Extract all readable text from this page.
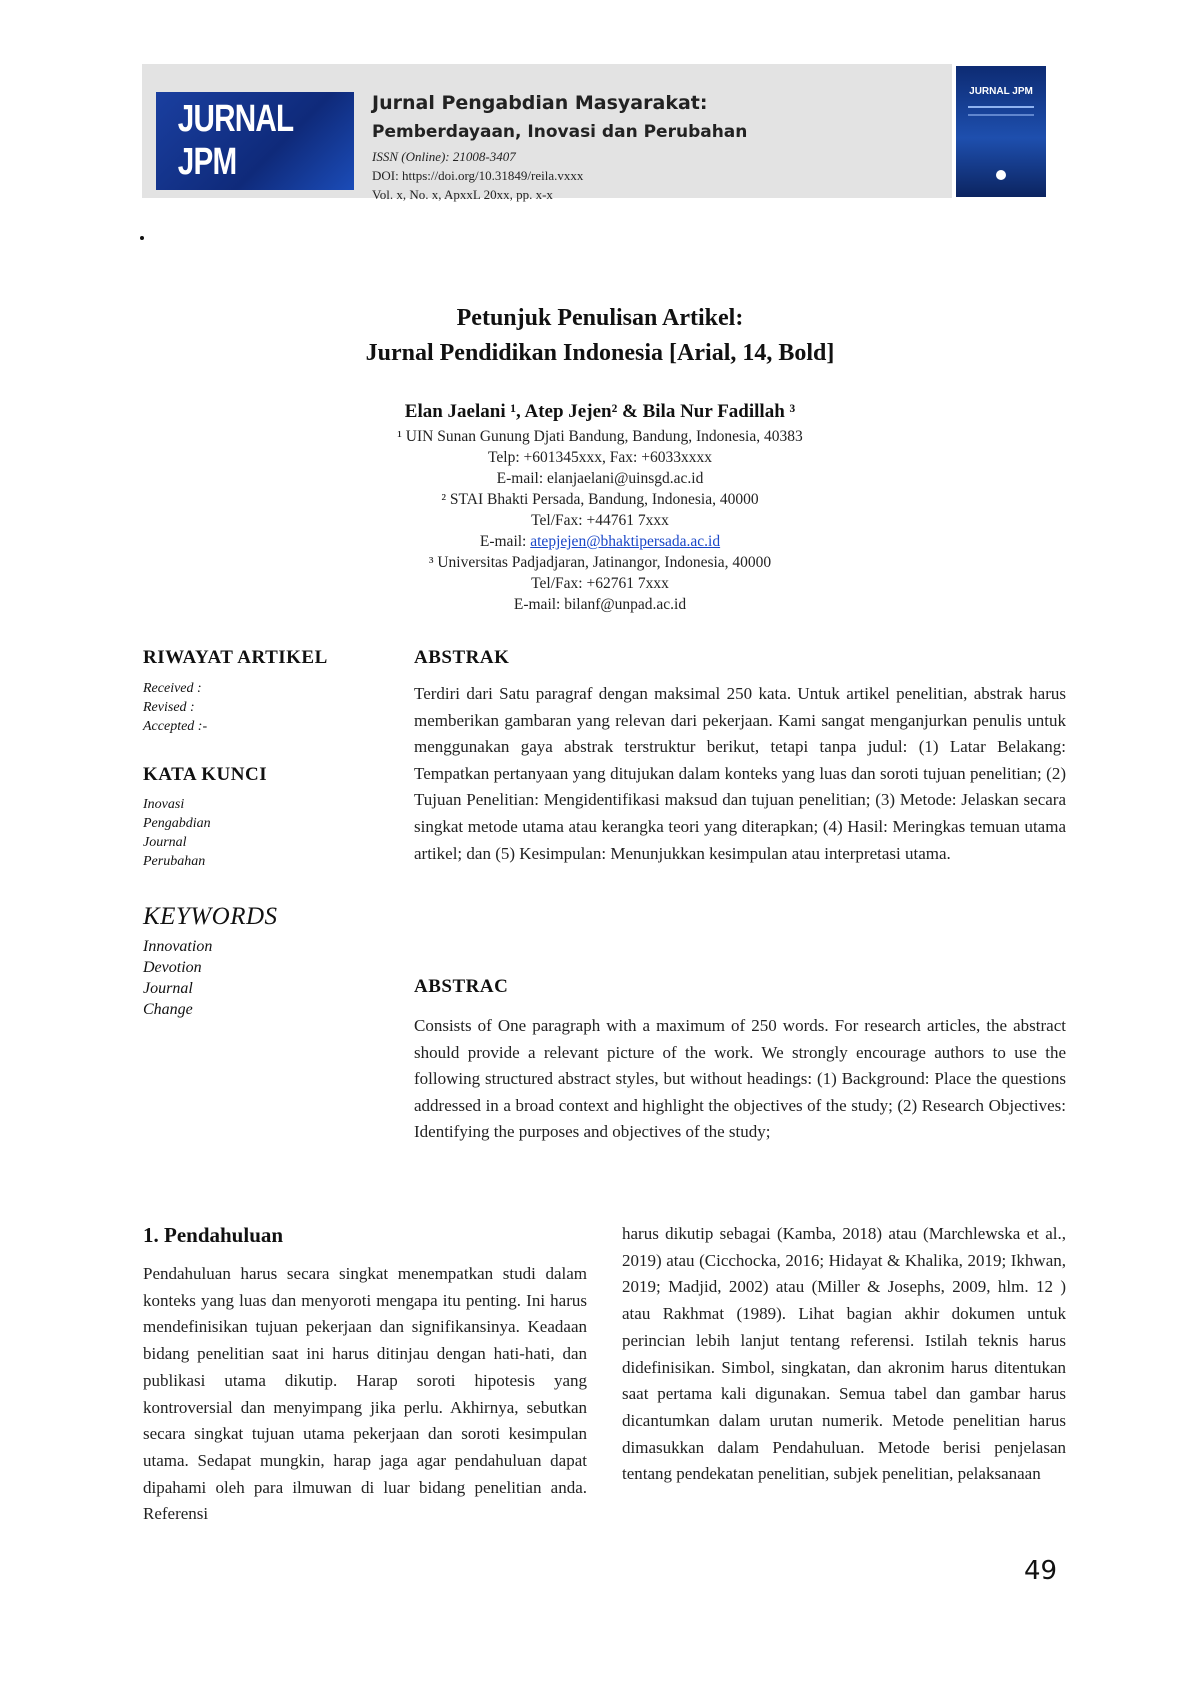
JURNAL JPM
Jurnal Pengabdian Masyarakat:
Pemberdayaan, Inovasi dan Perubahan
ISSN (Online): 21008-3407
DOI: https://doi.org/10.31849/reila.vxxx
Vol. x, No. x, ApxxL 20xx, pp. x-x
JURNAL JPM
Petunjuk Penulisan Artikel:
Jurnal Pendidikan Indonesia [Arial, 14, Bold]
Elan Jaelani ¹, Atep Jejen² & Bila Nur Fadillah ³
¹ UIN Sunan Gunung Djati Bandung, Bandung, Indonesia, 40383
Telp: +601345xxx, Fax: +6033xxxx
E-mail: elanjaelani@uinsgd.ac.id
² STAI Bhakti Persada, Bandung, Indonesia, 40000
Tel/Fax: +44761 7xxx
E-mail: atepjejen@bhaktipersada.ac.id
³ Universitas Padjadjaran, Jatinangor, Indonesia, 40000
Tel/Fax: +62761 7xxx
E-mail: bilanf@unpad.ac.id
RIWAYAT ARTIKEL
Received :
Revised :
Accepted :-
KATA KUNCI
Inovasi
Pengabdian
Journal
Perubahan
KEYWORDS
Innovation
Devotion
Journal
Change
ABSTRAK
Terdiri dari Satu paragraf dengan maksimal 250 kata. Untuk artikel penelitian, abstrak harus memberikan gambaran yang relevan dari pekerjaan. Kami sangat menganjurkan penulis untuk menggunakan gaya abstrak terstruktur berikut, tetapi tanpa judul: (1) Latar Belakang: Tempatkan pertanyaan yang ditujukan dalam konteks yang luas dan soroti tujuan penelitian; (2) Tujuan Penelitian: Mengidentifikasi maksud dan tujuan penelitian; (3) Metode: Jelaskan secara singkat metode utama atau kerangka teori yang diterapkan; (4) Hasil: Meringkas temuan utama artikel; dan (5) Kesimpulan: Menunjukkan kesimpulan atau interpretasi utama.
ABSTRAC
Consists of One paragraph with a maximum of 250 words. For research articles, the abstract should provide a relevant picture of the work. We strongly encourage authors to use the following structured abstract styles, but without headings: (1) Background: Place the questions addressed in a broad context and highlight the objectives of the study; (2) Research Objectives: Identifying the purposes and objectives of the study;
1. Pendahuluan
Pendahuluan harus secara singkat menempatkan studi dalam konteks yang luas dan menyoroti mengapa itu penting. Ini harus mendefinisikan tujuan pekerjaan dan signifikansinya. Keadaan bidang penelitian saat ini harus ditinjau dengan hati-hati, dan publikasi utama dikutip. Harap soroti hipotesis yang kontroversial dan menyimpang jika perlu. Akhirnya, sebutkan secara singkat tujuan utama pekerjaan dan soroti kesimpulan utama. Sedapat mungkin, harap jaga agar pendahuluan dapat dipahami oleh para ilmuwan di luar bidang penelitian anda. Referensi
harus dikutip sebagai (Kamba, 2018) atau (Marchlewska et al., 2019) atau (Cicchocka, 2016; Hidayat & Khalika, 2019; Ikhwan, 2019; Madjid, 2002) atau (Miller & Josephs, 2009, hlm. 12 ) atau Rakhmat (1989). Lihat bagian akhir dokumen untuk perincian lebih lanjut tentang referensi. Istilah teknis harus didefinisikan. Simbol, singkatan, dan akronim harus ditentukan saat pertama kali digunakan. Semua tabel dan gambar harus dicantumkan dalam urutan numerik. Metode penelitian harus dimasukkan dalam Pendahuluan. Metode berisi penjelasan tentang pendekatan penelitian, subjek penelitian, pelaksanaan
49
